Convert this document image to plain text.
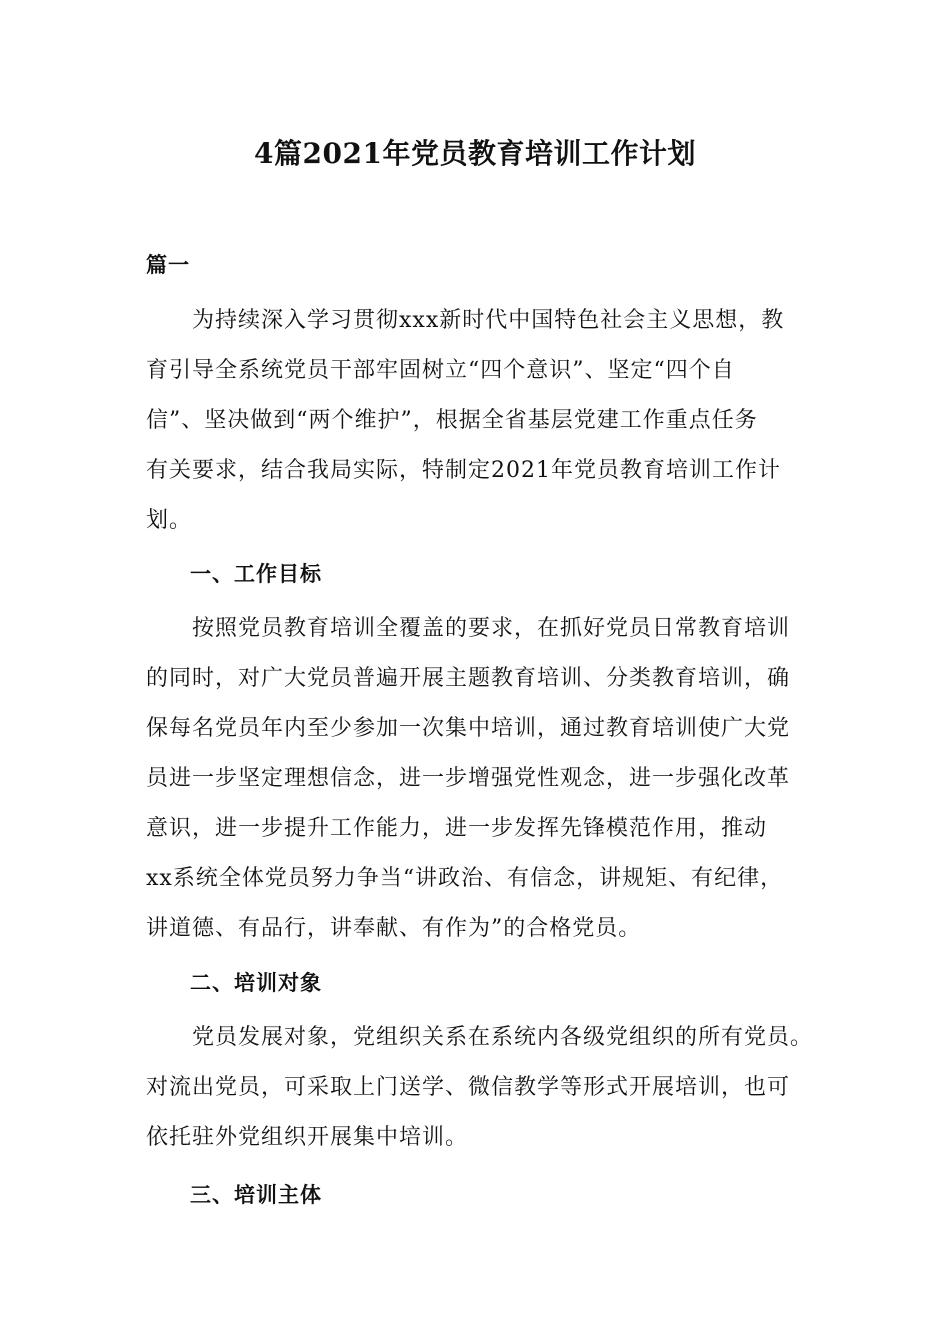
4篇2021年党员教育培训工作计划
篇一
　　为持续深入学习贯彻xxx新时代中国特色社会主义思想，教
育引导全系统党员干部牢固树立“四个意识”、坚定“四个自
信”、坚决做到“两个维护”，根据全省基层党建工作重点任务
有关要求，结合我局实际，特制定2021年党员教育培训工作计
划。
一、工作目标
　　按照党员教育培训全覆盖的要求，在抓好党员日常教育培训
的同时，对广大党员普遍开展主题教育培训、分类教育培训，确
保每名党员年内至少参加一次集中培训，通过教育培训使广大党
员进一步坚定理想信念，进一步增强党性观念，进一步强化改革
意识，进一步提升工作能力，进一步发挥先锋模范作用，推动
xx系统全体党员努力争当“讲政治、有信念，讲规矩、有纪律，
讲道德、有品行，讲奉献、有作为”的合格党员。
二、培训对象
　　党员发展对象，党组织关系在系统内各级党组织的所有党员。
对流出党员，可采取上门送学、微信教学等形式开展培训，也可
依托驻外党组织开展集中培训。
三、培训主体
